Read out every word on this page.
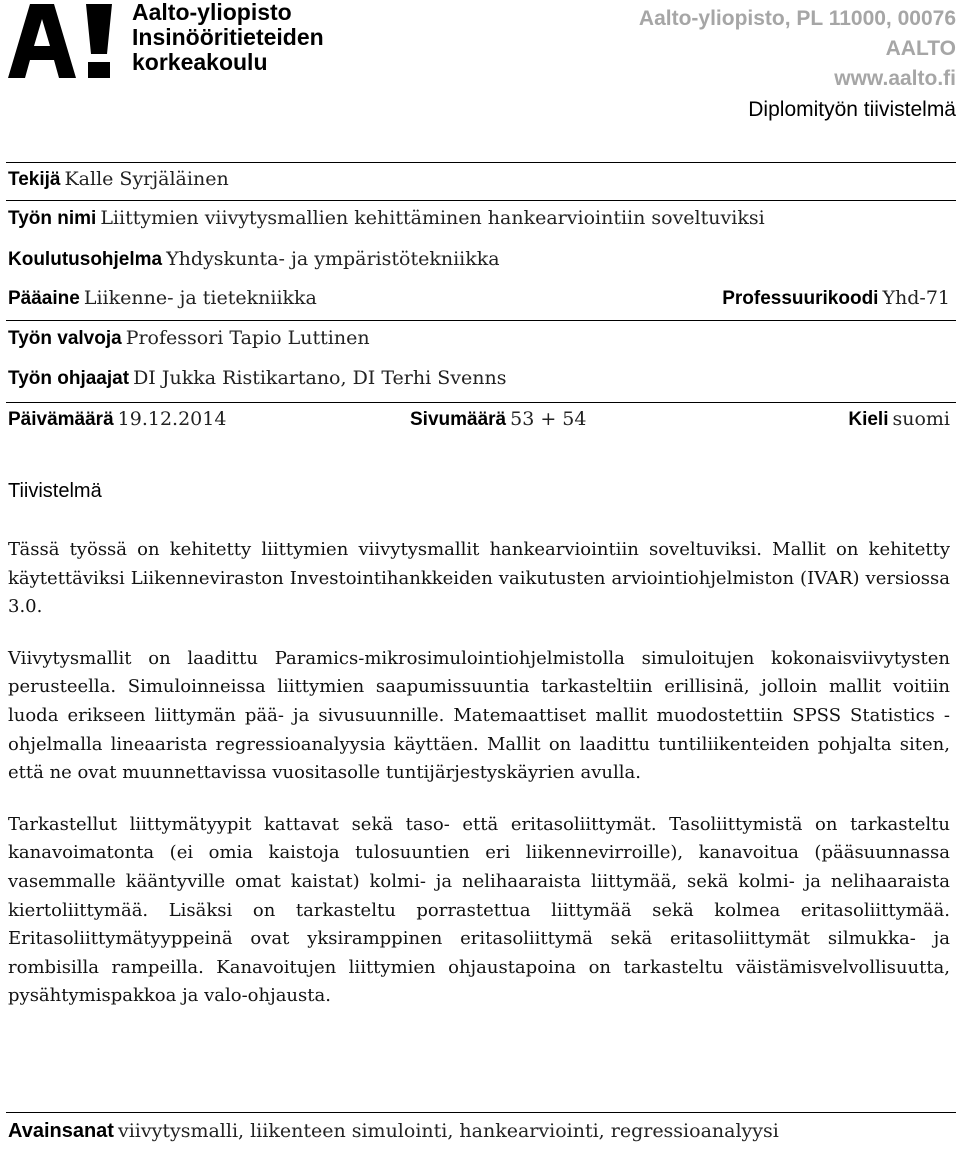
Aalto-yliopisto
Insinööritieteiden
korkeakoulu
Aalto-yliopisto, PL 11000, 00076
AALTO
www.aalto.fi
Diplomityön tiivistelmä
Tekijä Kalle Syrjäläinen
Työn nimi Liittymien viivytysmallien kehittäminen hankearviointiin soveltuviksi
Koulutusohjelma Yhdyskunta- ja ympäristötekniikka
Pääaine Liikenne- ja tietekniikka	Professuurikoodi Yhd-71
Työn valvoja Professori Tapio Luttinen
Työn ohjaajat DI Jukka Ristikartano, DI Terhi Svenns
Päivämäärä 19.12.2014	Sivumäärä 53 + 54	Kieli suomi
Tiivistelmä

Tässä työssä on kehitetty liittymien viivytysmallit hankearviointiin soveltuviksi. Mallit on kehitetty käytettäviksi Liikenneviraston Investointihankkeiden vaikutusten arviointiohjelmiston (IVAR) versiossa 3.0.

Viivytysmallit on laadittu Paramics-mikrosimulointiohjelmistolla simuloitujen kokonaisviivytysten perusteella. Simuloinneissa liittymien saapumissuuntia tarkasteltiin erillisinä, jolloin mallit voitiin luoda erikseen liittymän pää- ja sivusuunnille. Matemaattiset mallit muodostettiin SPSS Statistics -ohjelmalla lineaarista regressioanalyysia käyttäen. Mallit on laadittu tuntiliikenteiden pohjalta siten, että ne ovat muunnettavissa vuositasolle tuntijärjestyskäyrien avulla.

Tarkastellut liittymätyypit kattavat sekä taso- että eritasoliittymät. Tasoliittymistä on tarkasteltu kanavoimatonta (ei omia kaistoja tulosuuntien eri liikennevirroille), kanavoitua (pääsuunnassa vasemmalle kääntyville omat kaistat) kolmi- ja nelihaaraista liittymää, sekä kolmi- ja nelihaaraista kiertoliittymää. Lisäksi on tarkasteltu porrastettua liittymää sekä kolmea eritasoliittymää. Eritasoliittymätyyppeinä ovat yksiramppinen eritasoliittymä sekä eritasoliittymät silmukka- ja rombisilla rampeilla. Kanavoitujen liittymien ohjaustapoina on tarkasteltu väistämisvelvollisuutta, pysähtymispakkoa ja valo-ohjausta.

Avainsanat viivytysmalli, liikenteen simulointi, hankearviointi, regressioanalyysi
